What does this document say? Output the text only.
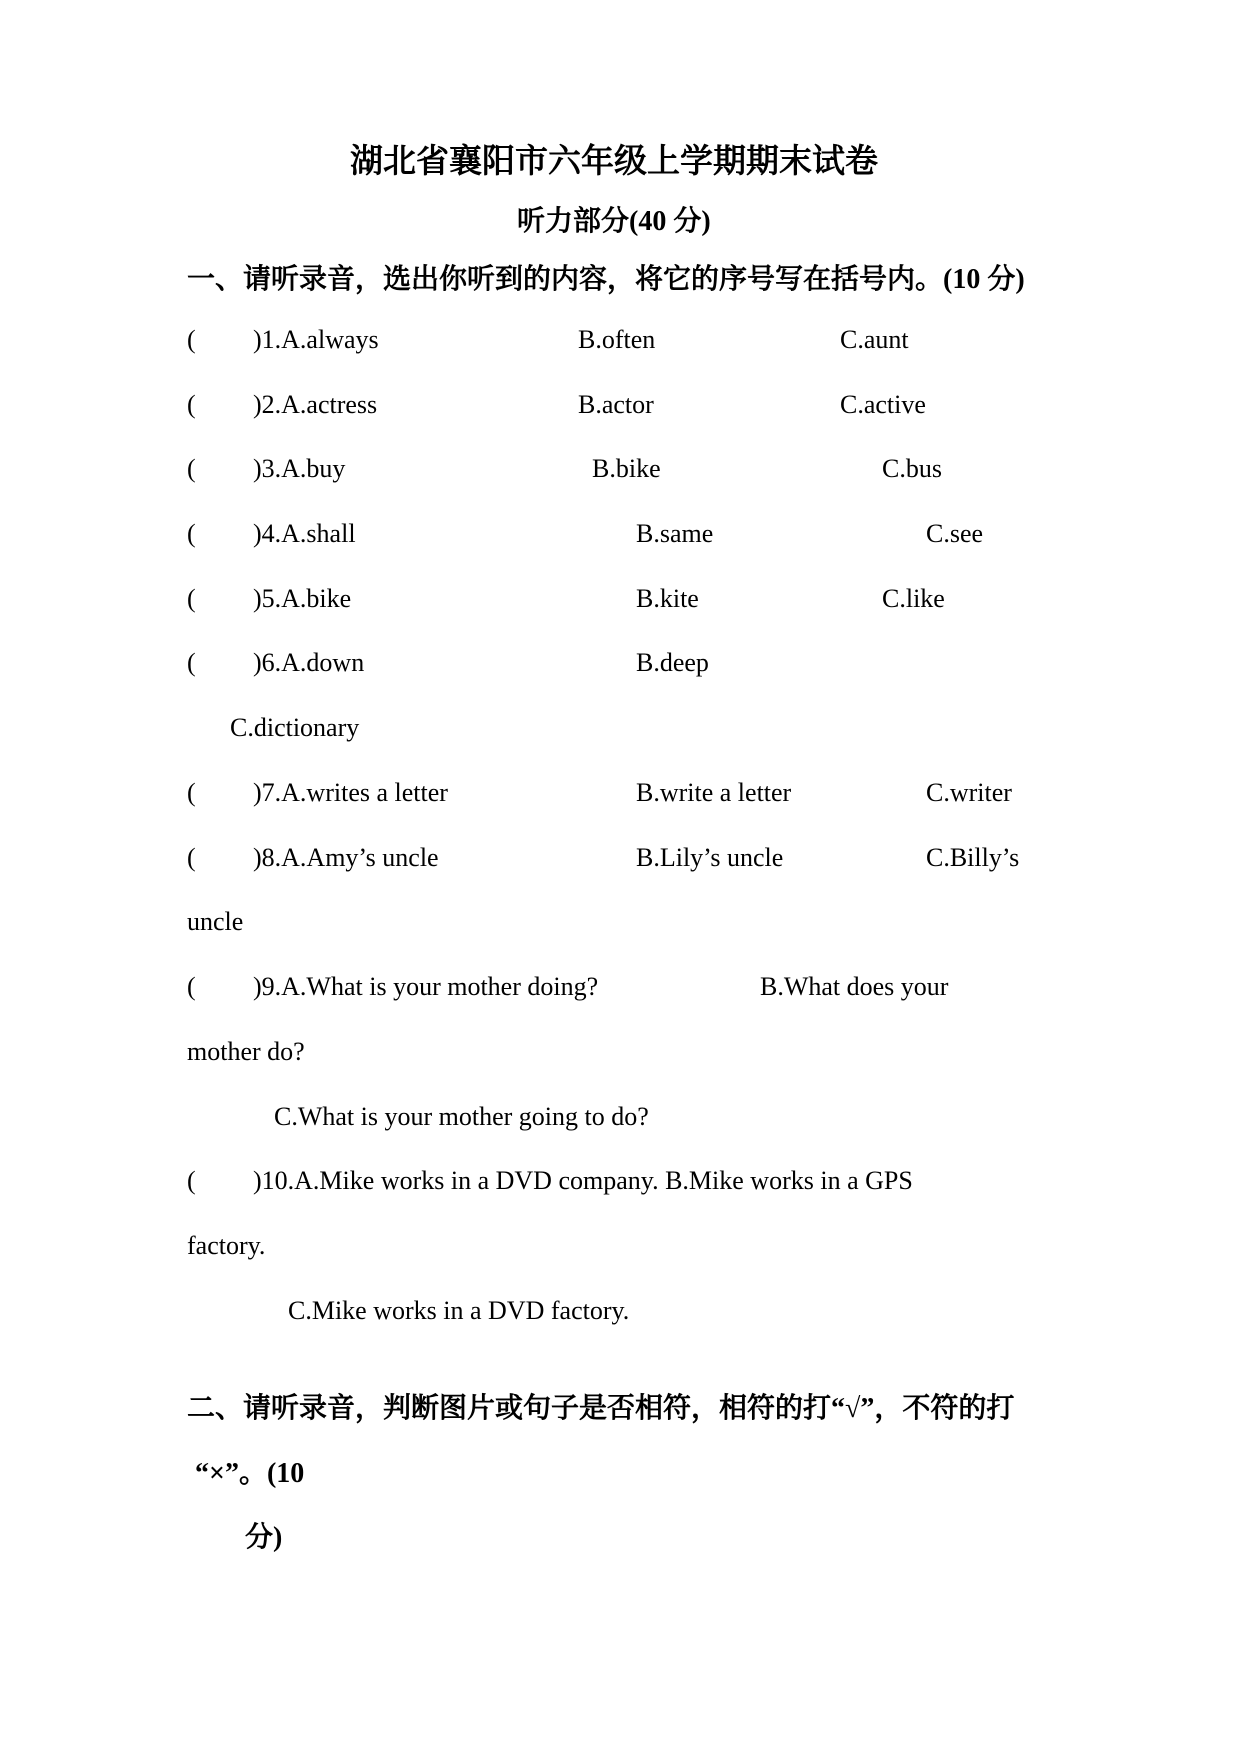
湖北省襄阳市六年级上学期期末试卷
听力部分(40 分)
一、请听录音，选出你听到的内容，将它的序号写在括号内。(10 分)
( )1.A.always	B.often	C.aunt
( )2.A.actress	B.actor	C.active
( )3.A.buy	B.bike	C.bus
( )4.A.shall	B.same	C.see
( )5.A.bike	B.kite	C.like
( )6.A.down	B.deep
C.dictionary
( )7.A.writes a letter	B.write a letter	C.writer
( )8.A.Amy’s uncle	B.Lily’s uncle	C.Billy’s
uncle
( )9.A.What is your mother doing?	B.What does your
mother do?
C.What is your mother going to do?
( )10.A.Mike works in a DVD company. B.Mike works in a GPS
factory.
C.Mike works in a DVD factory.
二、请听录音，判断图片或句子是否相符，相符的打“√”，不符的打
“×”。(10
分)
